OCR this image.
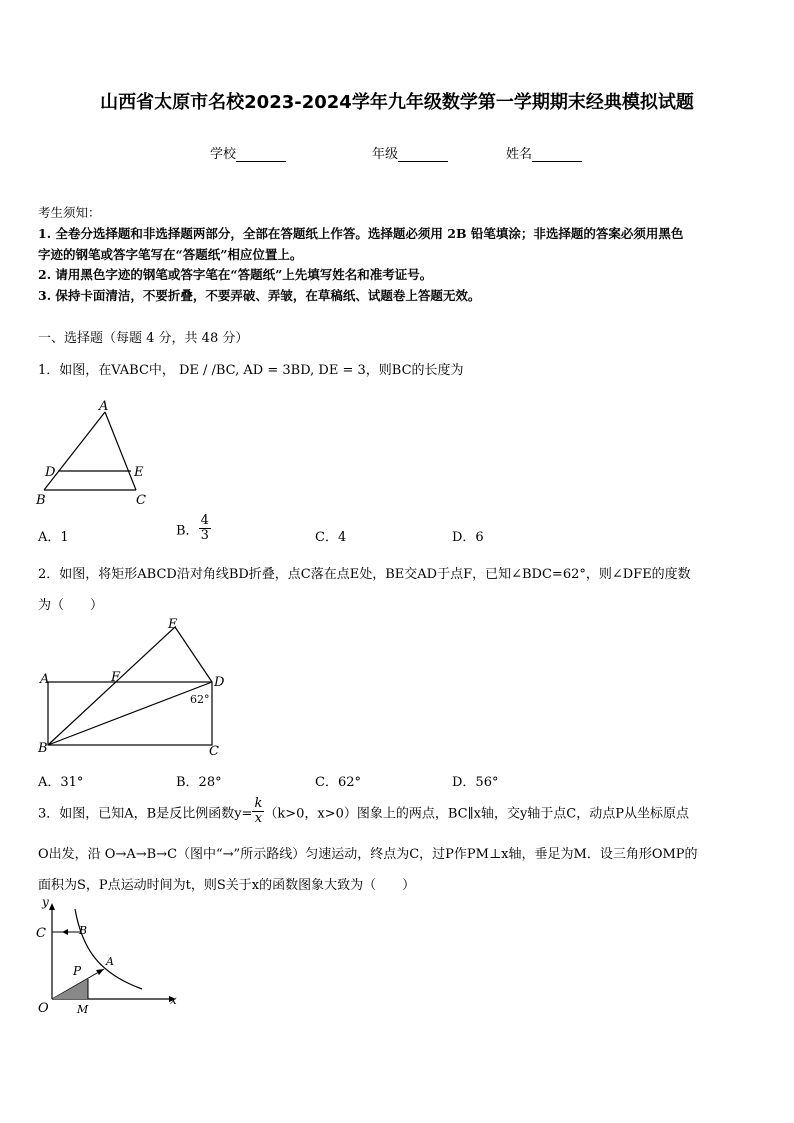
山西省太原市名校2023-2024学年九年级数学第一学期期末经典模拟试题
学校	年级	姓名
考生须知：
1. 全卷分选择题和非选择题两部分，全部在答题纸上作答。选择题必须用 2B 铅笔填涂；非选择题的答案必须用黑色
字迹的钢笔或答字笔写在“答题纸”相应位置上。
2. 请用黑色字迹的钢笔或答字笔在“答题纸”上先填写姓名和准考证号。
3. 保持卡面清洁，不要折叠，不要弄破、弄皱，在草稿纸、试题卷上答题无效。
一、选择题（每题 4 分，共 48 分）
1．如图，在VABC中， DE / /BC, AD = 3BD, DE = 3，则BC的长度为
A
D	E
B	C
A．1	B． $\frac{4}{3}$	C．4	D．6
2．如图，将矩形ABCD沿对角线BD折叠，点C落在点E处，BE交AD于点F，已知∠BDC=62°，则∠DFE的度数
为（　　）
E
A	F	D
62°
B	C
A．31°	B．28°	C．62°	D．56°
3．如图，已知A，B是反比例函数$y= \frac{k}{x} (k>0$，x>0）图象上的两点，BC∥x轴，交y轴于点C，动点P从坐标原点
O出发，沿 O→A→B→C（图中“→”所示路线）匀速运动，终点为C，过P作PM⊥x轴，垂足为M．设三角形OMP的
面积为S，P点运动时间为t，则S关于x的函数图象大致为（　　）
y
x
O
C	B
A
P
M
